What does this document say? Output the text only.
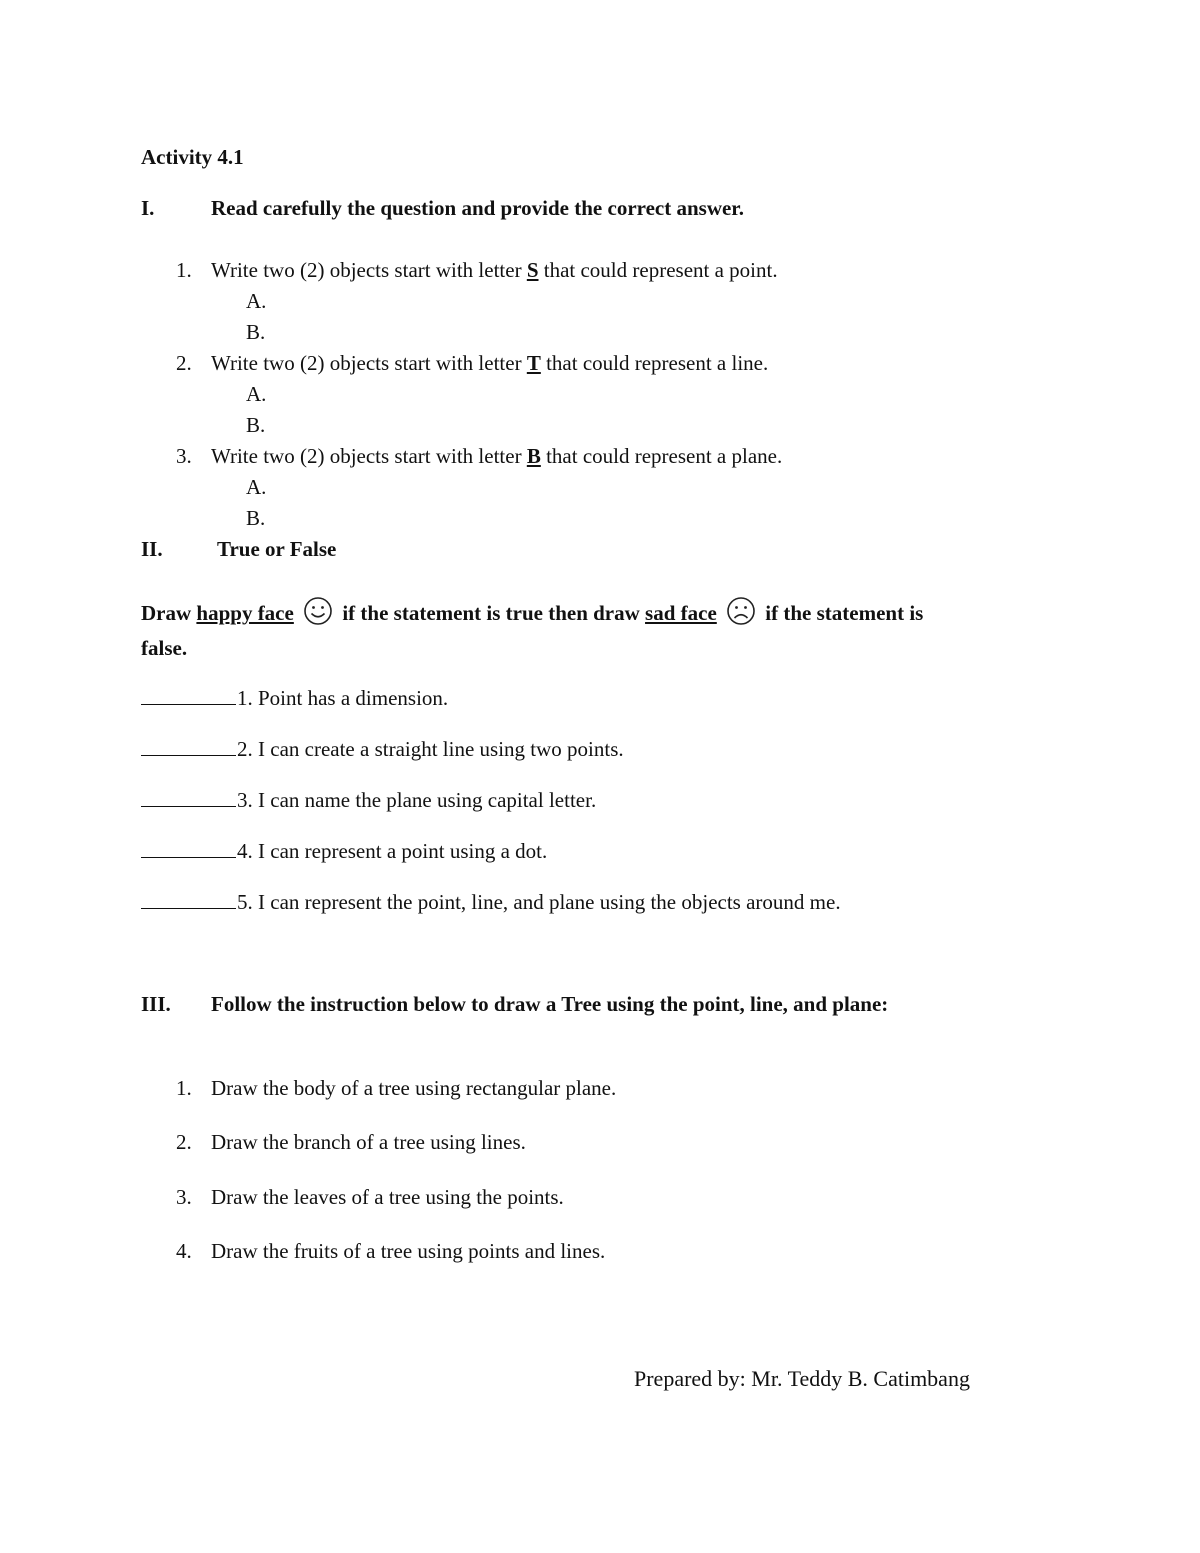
Activity 4.1
I.	Read carefully the question and provide the correct answer.
1. Write two (2) objects start with letter S that could represent a point.
A.
B.
2. Write two (2) objects start with letter T that could represent a line.
A.
B.
3. Write two (2) objects start with letter B that could represent a plane.
A.
B.
II.	True or False
Draw happy face  if the statement is true then draw sad face  if the statement is
false.
1. Point has a dimension.
2. I can create a straight line using two points.
3. I can name the plane using capital letter.
4. I can represent a point using a dot.
5. I can represent the point, line, and plane using the objects around me.
III. Follow the instruction below to draw a Tree using the point, line, and plane:
1. Draw the body of a tree using rectangular plane.
2. Draw the branch of a tree using lines.
3. Draw the leaves of a tree using the points.
4. Draw the fruits of a tree using points and lines.
Prepared by: Mr. Teddy B. Catimbang
